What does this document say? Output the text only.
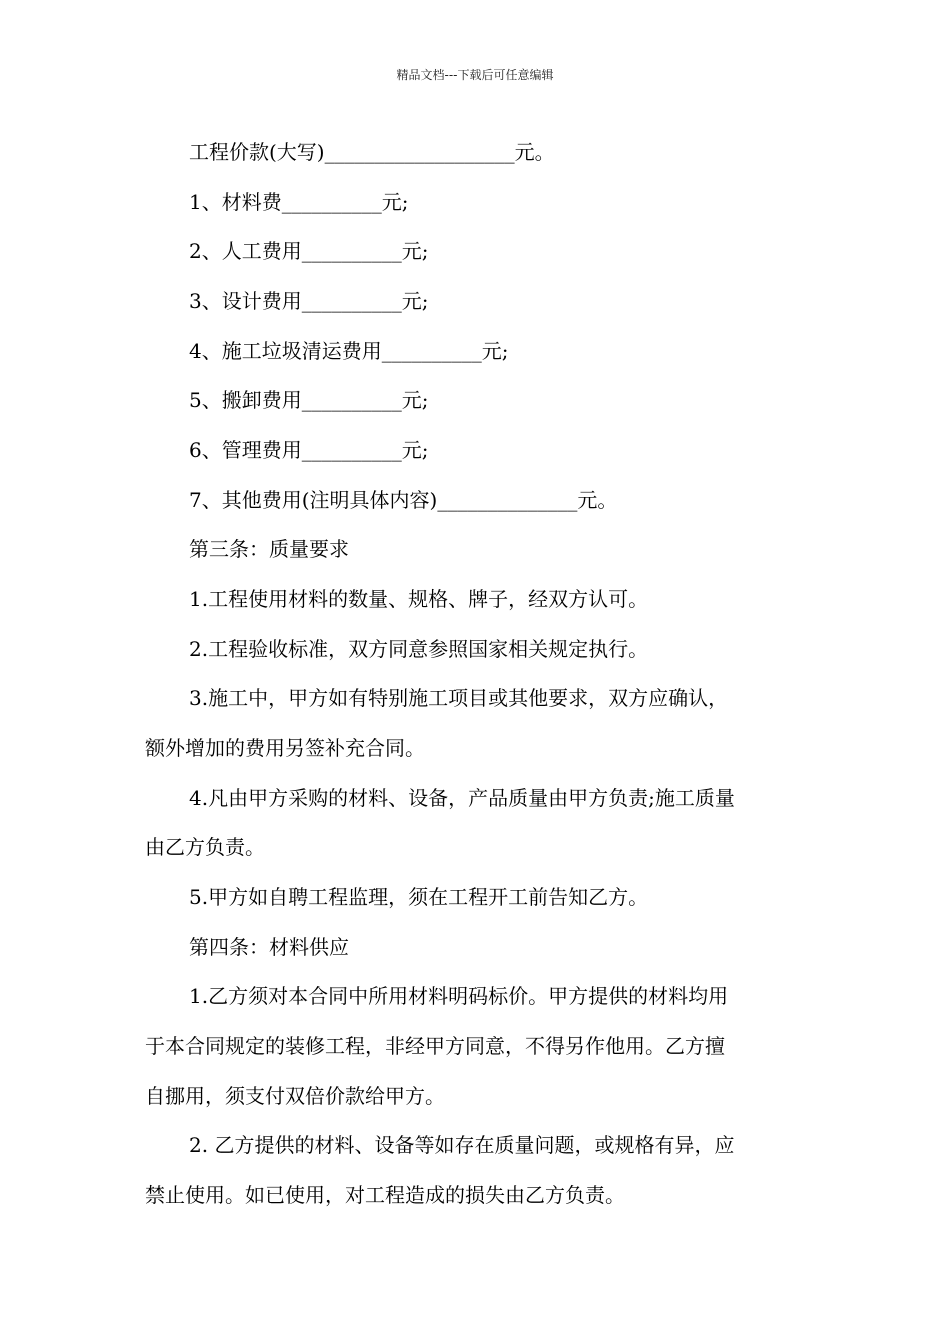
精品文档---下载后可任意编辑
工程价款(大写)___________________元。
1、材料费__________元;
2、人工费用__________元;
3、设计费用__________元;
4、施工垃圾清运费用__________元;
5、搬卸费用__________元;
6、管理费用__________元;
7、其他费用(注明具体内容)______________元。
第三条：质量要求
1.工程使用材料的数量、规格、牌子，经双方认可。
2.工程验收标准，双方同意参照国家相关规定执行。
3.施工中，甲方如有特别施工项目或其他要求，双方应确认，
额外增加的费用另签补充合同。
4.凡由甲方采购的材料、设备，产品质量由甲方负责;施工质量
由乙方负责。
5.甲方如自聘工程监理，须在工程开工前告知乙方。
第四条：材料供应
1.乙方须对本合同中所用材料明码标价。甲方提供的材料均用
于本合同规定的装修工程，非经甲方同意，不得另作他用。乙方擅
自挪用，须支付双倍价款给甲方。
2. 乙方提供的材料、设备等如存在质量问题，或规格有异，应
禁止使用。如已使用，对工程造成的损失由乙方负责。
